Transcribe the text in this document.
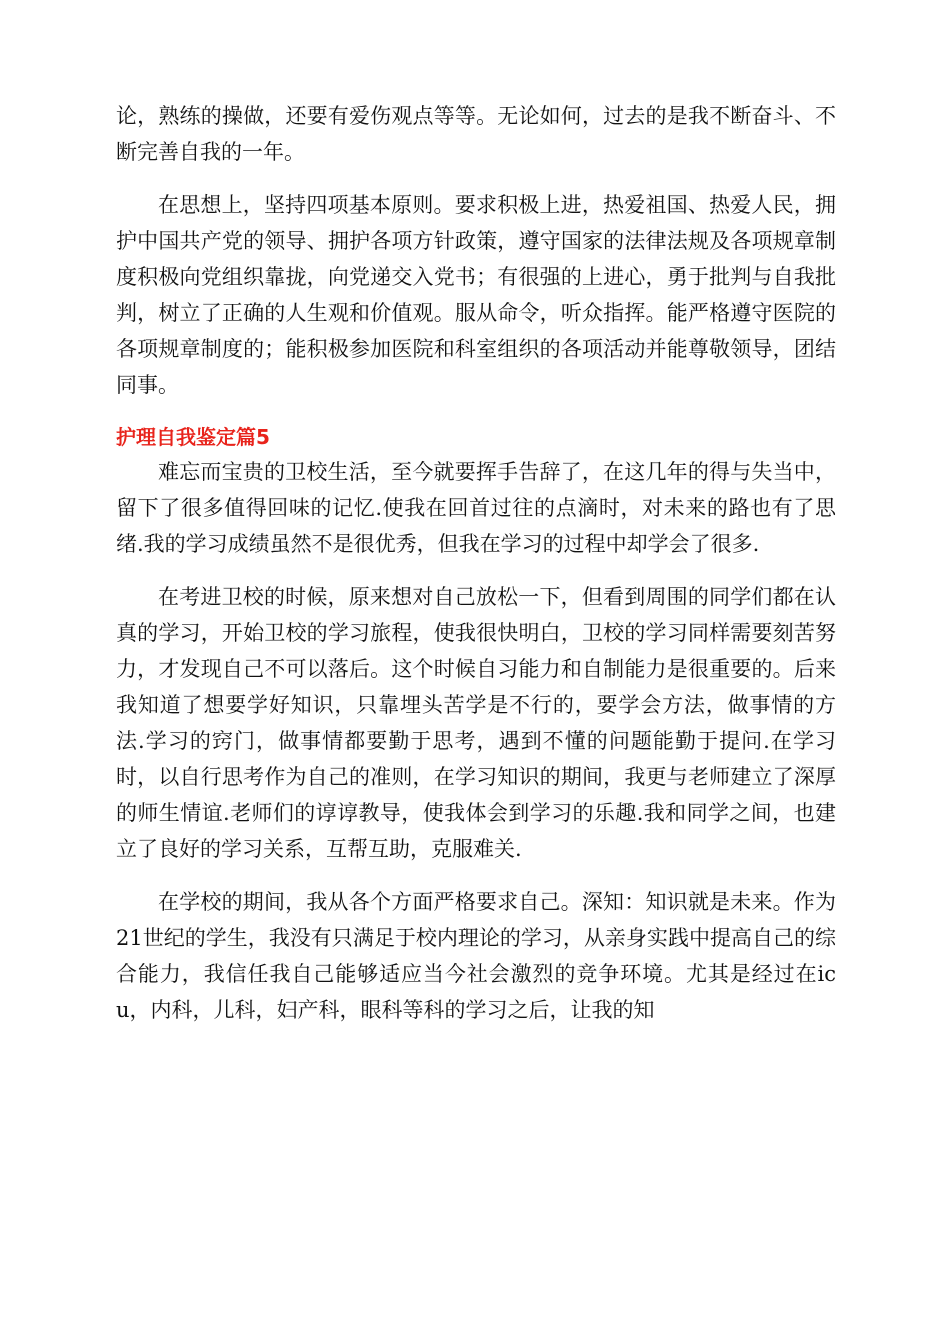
论，熟练的操做，还要有爱伤观点等等。无论如何，过去的是我不断奋斗、不断完善自我的一年。

在思想上，坚持四项基本原则。要求积极上进，热爱祖国、热爱人民，拥护中国共产党的领导、拥护各项方针政策，遵守国家的法律法规及各项规章制度积极向党组织靠拢，向党递交入党书；有很强的上进心，勇于批判与自我批判，树立了正确的人生观和价值观。服从命令，听众指挥。能严格遵守医院的各项规章制度的；能积极参加医院和科室组织的各项活动并能尊敬领导，团结同事。

护理自我鉴定篇5

难忘而宝贵的卫校生活，至今就要挥手告辞了，在这几年的得与失当中，留下了很多值得回味的记忆.使我在回首过往的点滴时，对未来的路也有了思绪.我的学习成绩虽然不是很优秀，但我在学习的过程中却学会了很多.

在考进卫校的时候，原来想对自己放松一下，但看到周围的同学们都在认真的学习，开始卫校的学习旅程，使我很快明白，卫校的学习同样需要刻苦努力，才发现自己不可以落后。这个时候自习能力和自制能力是很重要的。后来我知道了想要学好知识，只靠埋头苦学是不行的，要学会方法，做事情的方法.学习的窍门，做事情都要勤于思考，遇到不懂的问题能勤于提问.在学习时，以自行思考作为自己的准则，在学习知识的期间，我更与老师建立了深厚的师生情谊.老师们的谆谆教导，使我体会到学习的乐趣.我和同学之间，也建立了良好的学习关系，互帮互助，克服难关.

在学校的期间，我从各个方面严格要求自己。深知：知识就是未来。作为21世纪的学生，我没有只满足于校内理论的学习，从亲身实践中提高自己的综合能力，我信任我自己能够适应当今社会激烈的竞争环境。尤其是经过在icu，内科，儿科，妇产科，眼科等科的学习之后，让我的知
